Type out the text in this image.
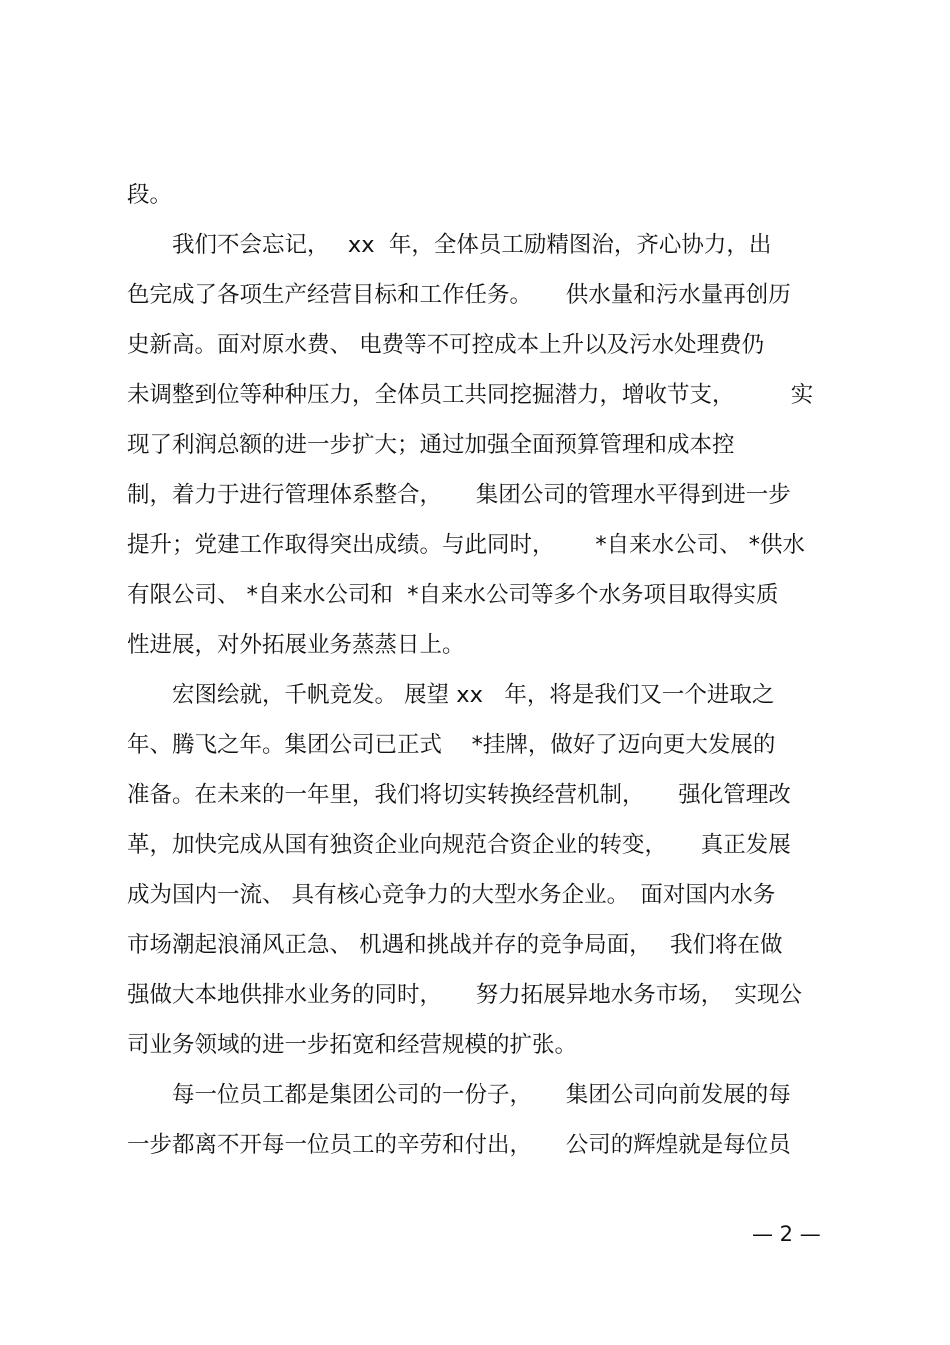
段。
我们不会忘记，　 xx  年，全体员工励精图治，齐心协力，出
色完成了各项生产经营目标和工作任务。　　供水量和污水量再创历
史新高。面对原水费、 电费等不可控成本上升以及污水处理费仍
未调整到位等种种压力，全体员工共同挖掘潜力，增收节支，　　　实
现了利润总额的进一步扩大；通过加强全面预算管理和成本控
制，着力于进行管理体系整合，　　集团公司的管理水平得到进一步
提升；党建工作取得突出成绩。与此同时，　　 *自来水公司、 *供水
有限公司、 *自来水公司和  *自来水公司等多个水务项目取得实质
性进展，对外拓展业务蒸蒸日上。
宏图绘就，千帆竞发。 展望 xx   年，将是我们又一个进取之
年、腾飞之年。集团公司已正式　 *挂牌，做好了迈向更大发展的
准备。在未来的一年里，我们将切实转换经营机制，　　强化管理改
革，加快完成从国有独资企业向规范合资企业的转变，　　真正发展
成为国内一流、 具有核心竞争力的大型水务企业。　面对国内水务
市场潮起浪涌风正急、 机遇和挑战并存的竞争局面，　 我们将在做
强做大本地供排水业务的同时，　　努力拓展异地水务市场，　实现公
司业务领域的进一步拓宽和经营规模的扩张。
每一位员工都是集团公司的一份子，　　集团公司向前发展的每
一步都离不开每一位员工的辛劳和付出，　　公司的辉煌就是每位员
— 2 —
